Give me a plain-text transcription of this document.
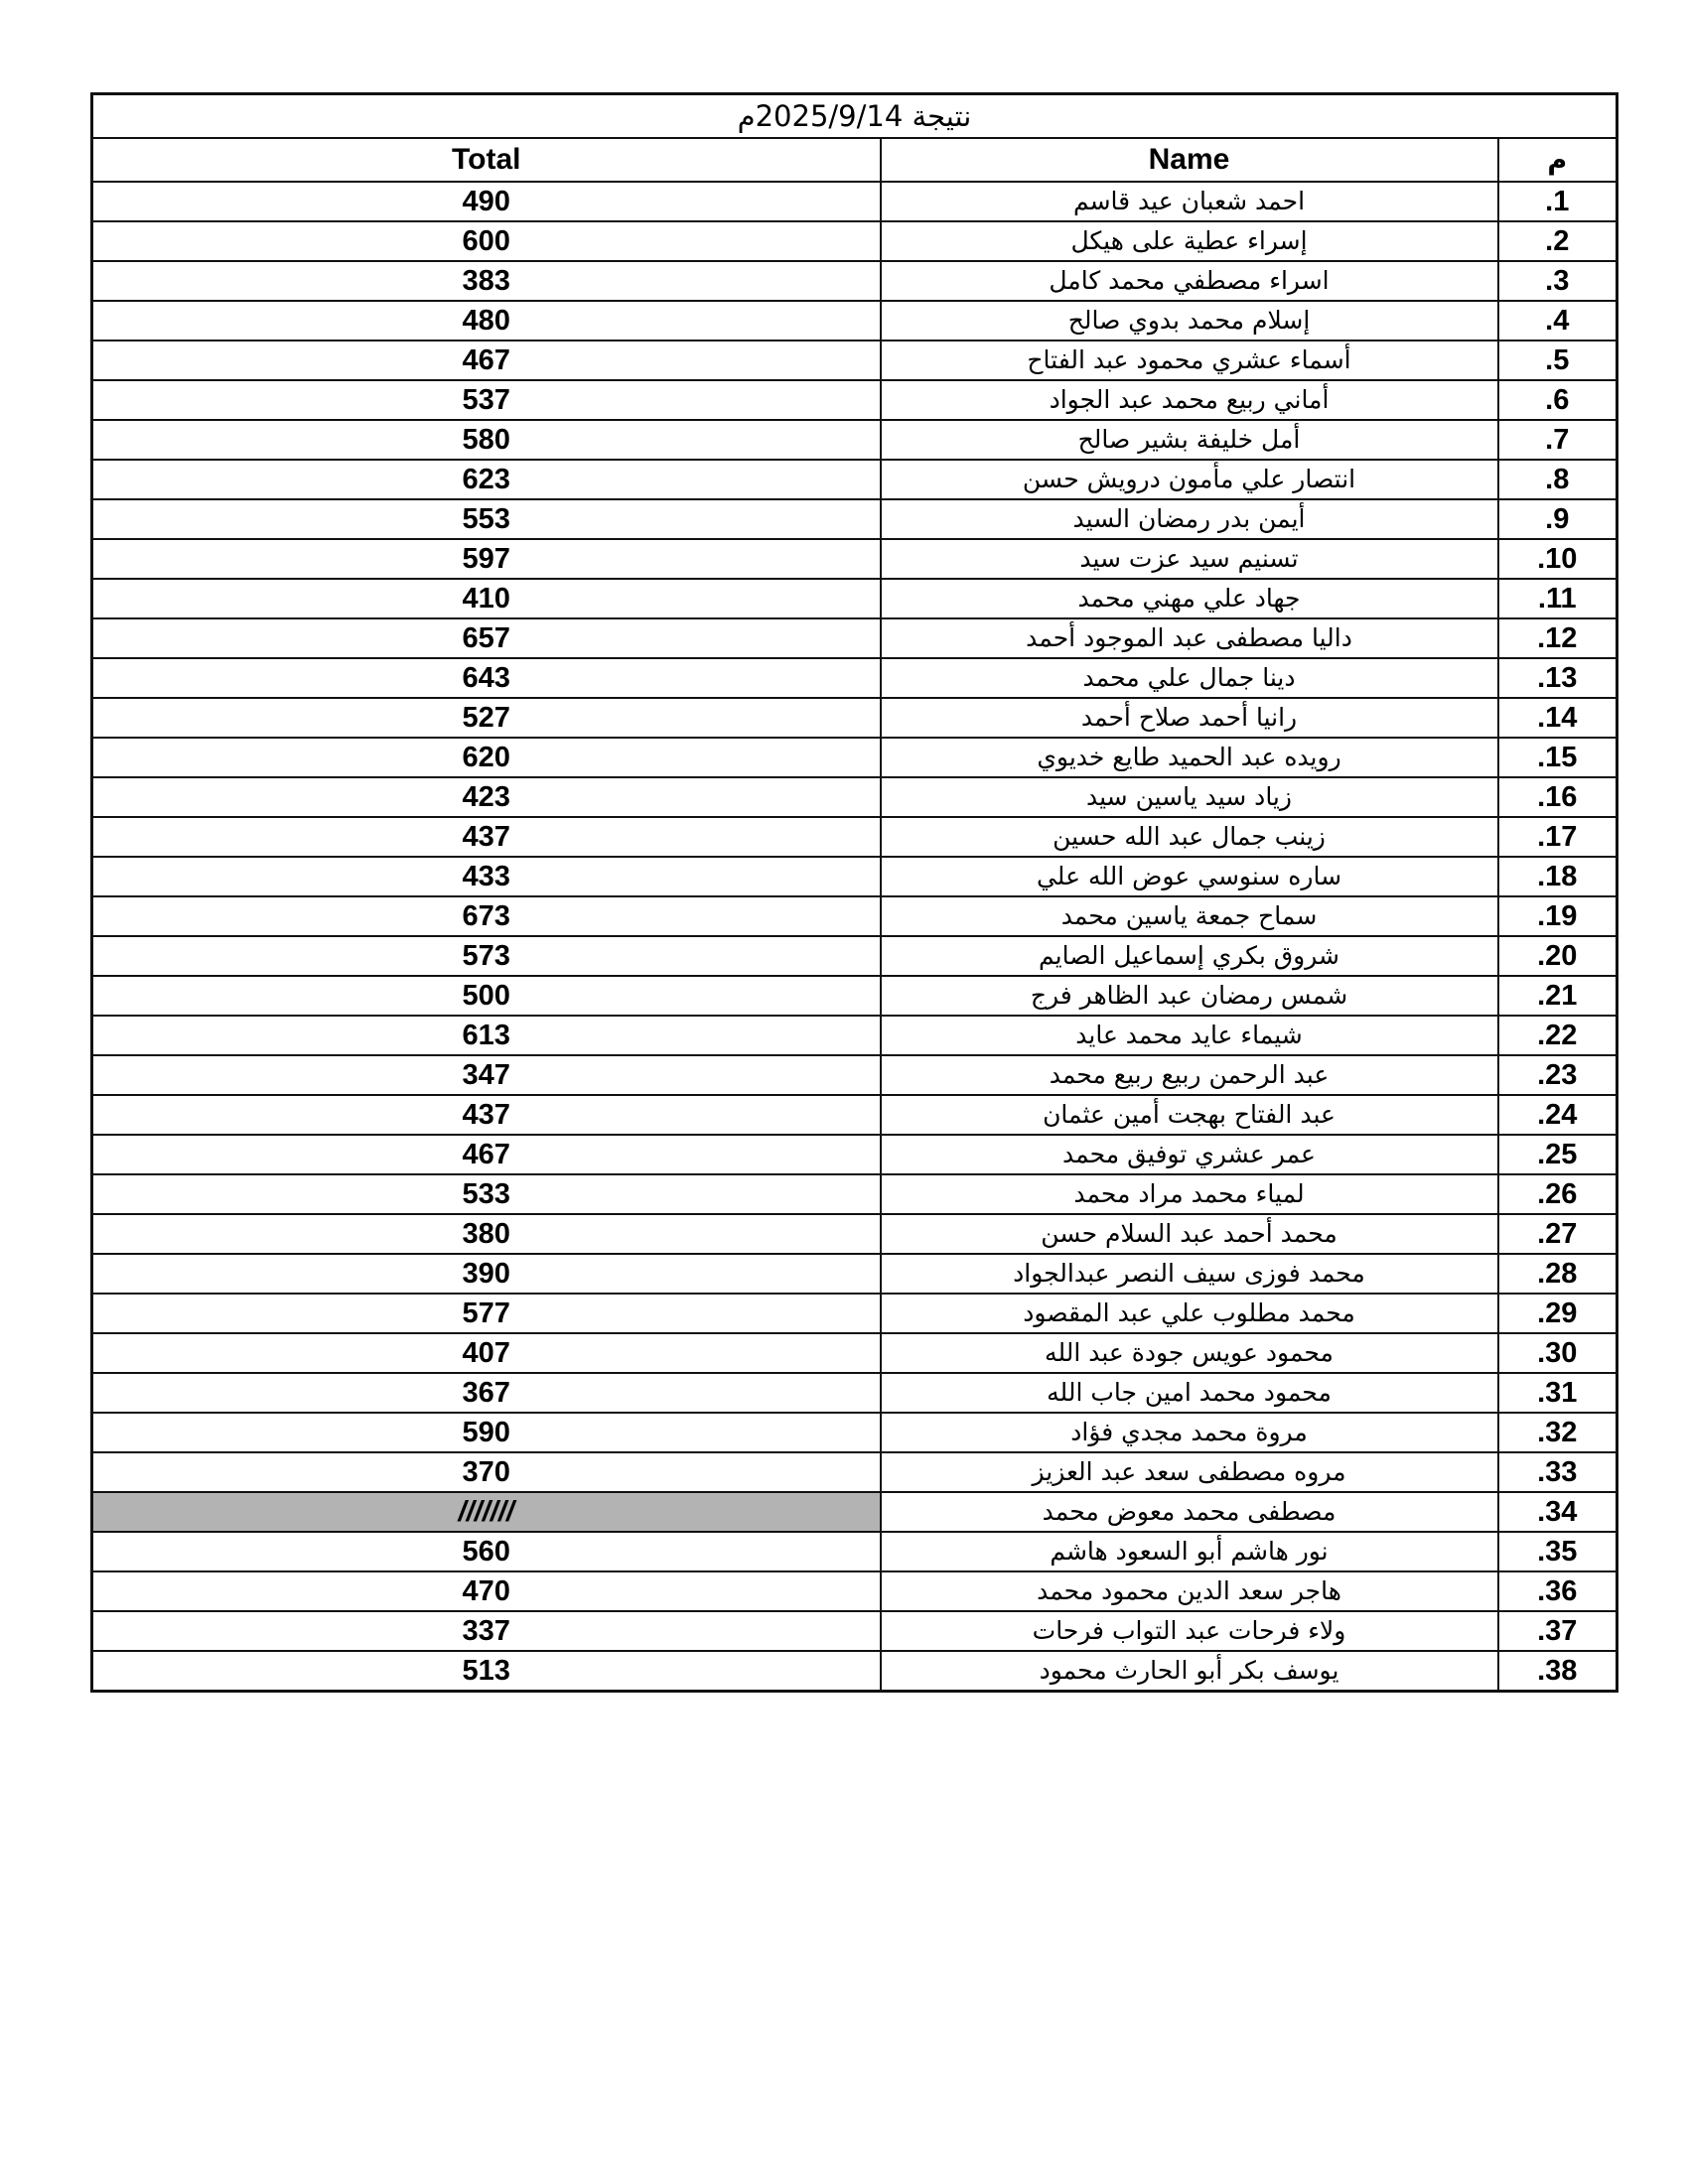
نتيجة 2025/9/14م		
Total	Name	م
490	احمد شعبان عيد قاسم	1.
600	إسراء عطية على هيكل	2.
383	اسراء مصطفي محمد كامل	3.
480	إسلام محمد بدوي صالح	4.
467	أسماء عشري محمود عبد الفتاح	5.
537	أماني ربيع محمد عبد الجواد	6.
580	أمل خليفة بشير صالح	7.
623	انتصار علي مأمون درويش حسن	8.
553	أيمن بدر رمضان السيد	9.
597	تسنيم سيد عزت سيد	10.
410	جهاد علي مهني محمد	11.
657	داليا مصطفى عبد الموجود أحمد	12.
643	دينا جمال علي محمد	13.
527	رانيا أحمد صلاح أحمد	14.
620	رويده عبد الحميد طايع خديوي	15.
423	زياد سيد ياسين سيد	16.
437	زينب جمال عبد الله حسين	17.
433	ساره سنوسي عوض الله علي	18.
673	سماح جمعة ياسين محمد	19.
573	شروق بكري إسماعيل الصايم	20.
500	شمس رمضان عبد الظاهر فرج	21.
613	شيماء عايد محمد عايد	22.
347	عبد الرحمن ربيع ربيع محمد	23.
437	عبد الفتاح بهجت أمين عثمان	24.
467	عمر عشري توفيق محمد	25.
533	لمياء محمد مراد محمد	26.
380	محمد أحمد عبد السلام حسن	27.
390	محمد فوزى سيف النصر عبدالجواد	28.
577	محمد مطلوب علي عبد المقصود	29.
407	محمود عويس جودة عبد الله	30.
367	محمود محمد امين جاب الله	31.
590	مروة محمد مجدي فؤاد	32.
370	مروه مصطفى سعد عبد العزيز	33.
///////	مصطفى محمد معوض محمد	34.
560	نور هاشم أبو السعود هاشم	35.
470	هاجر سعد الدين محمود محمد	36.
337	ولاء فرحات عبد التواب فرحات	37.
513	يوسف بكر أبو الحارث محمود	38.
